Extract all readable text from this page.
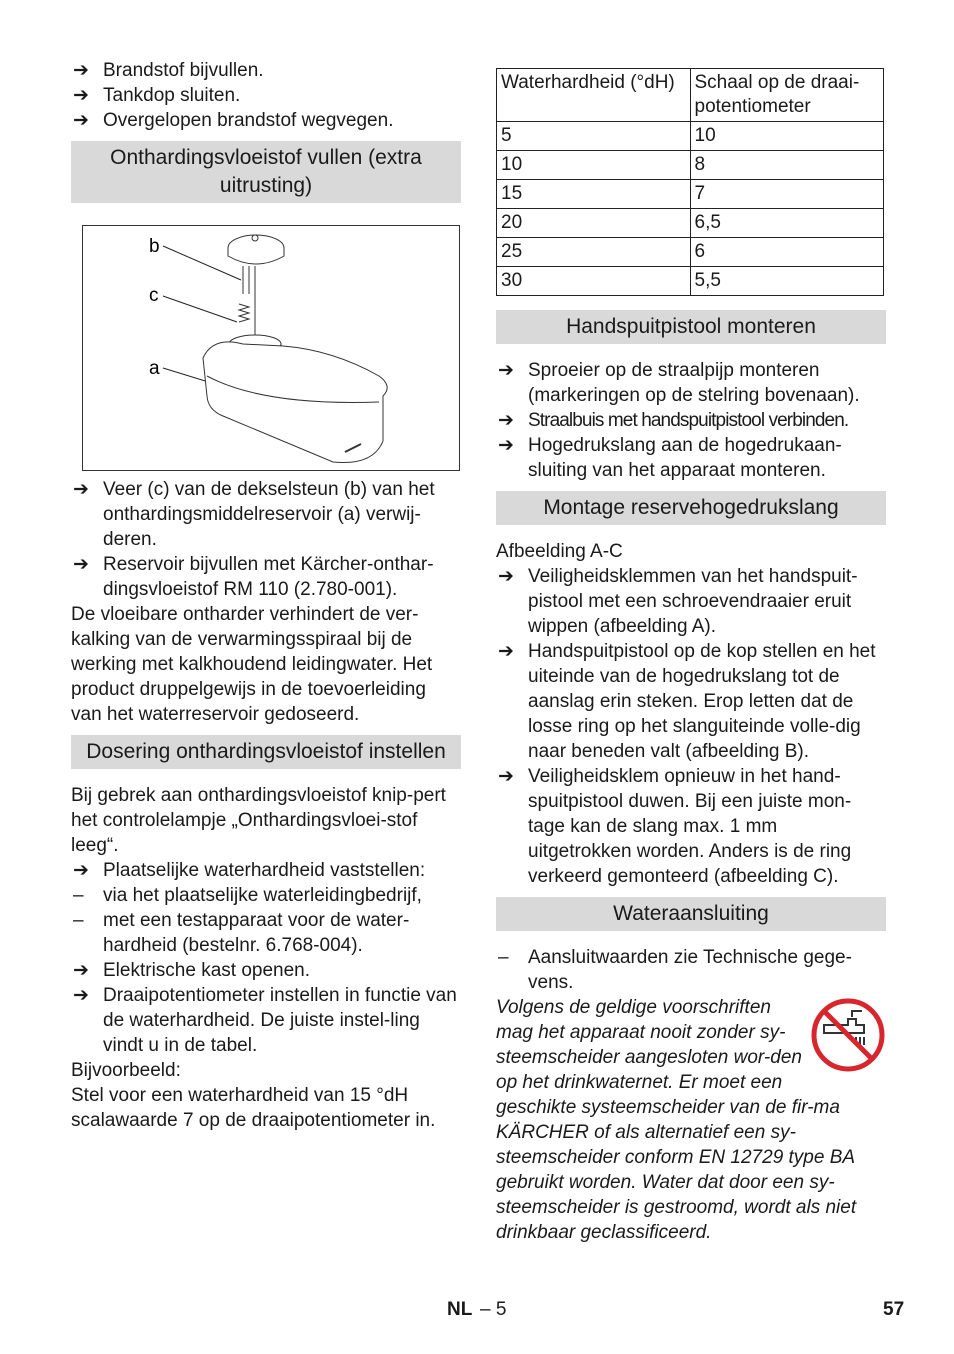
➔ Brandstof bijvullen.
➔ Tankdop sluiten.
➔ Overgelopen brandstof wegvegen.
Onthardingsvloeistof vullen (extra uitrusting)
b
c
a
➔ Veer (c) van de dekselsteun (b) van het onthardingsmiddelreservoir (a) verwij-deren.
➔ Reservoir bijvullen met Kärcher-onthar-dingsvloeistof RM 110 (2.780-001).

De vloeibare ontharder verhindert de ver-kalking van de verwarmingsspiraal bij de werking met kalkhoudend leidingwater. Het product druppelgewijs in de toevoerleiding van het waterreservoir gedoseerd.

Dosering onthardingsvloeistof instellen

Bij gebrek aan onthardingsvloeistof knip-pert het controlelampje „Onthardingsvloei-stof leeg“.

➔ Plaatselijke waterhardheid vaststellen:
– via het plaatselijke waterleidingbedrijf,
– met een testapparaat voor de water-hardheid (bestelnr. 6.768-004).
➔ Elektrische kast openen.
➔ Draaipotentiometer instellen in functie van de waterhardheid. De juiste instel-ling vindt u in de tabel.

Bijvoorbeeld:

Stel voor een waterhardheid van 15 °dH scalawaarde 7 op de draaipotentiometer in.

Waterhardheid (°dH)	Schaal op de draai-potentiometer
5	10
10	8
15	7
20	6,5
25	6
30	5,5
Handspuitpistool monteren
➔ Sproeier op de straalpijp monteren (markeringen op de stelring bovenaan).
➔ Straalbuis met handspuitpistool verbinden.
➔ Hogedrukslang aan de hogedrukaan-sluiting van het apparaat monteren.
Montage reservehogedrukslang

Afbeelding A-C

➔ Veiligheidsklemmen van het handspuit-pistool met een schroevendraaier eruit wippen (afbeelding A).
➔ Handspuitpistool op de kop stellen en het uiteinde van de hogedrukslang tot de aanslag erin steken. Erop letten dat de losse ring op het slanguiteinde volle-dig naar beneden valt (afbeelding B).
➔ Veiligheidsklem opnieuw in het hand-spuitpistool duwen. Bij een juiste mon-tage kan de slang max. 1 mm uitgetrokken worden. Anders is de ring verkeerd gemonteerd (afbeelding C).
Wateraansluiting
– Aansluitwaarden zie Technische gege-vens.
Volgens de geldige voorschriften mag het apparaat nooit zonder sy-steemscheider aangesloten wor-den op het drinkwaternet. Er moet een geschikte systeemscheider van de fir-ma KÄRCHER of als alternatief een sy-steemscheider conform EN 12729 type BA gebruikt worden. Water dat door een sy-steemscheider is gestroomd, wordt als niet drinkbaar geclassificeerd.
NL – 5	57
